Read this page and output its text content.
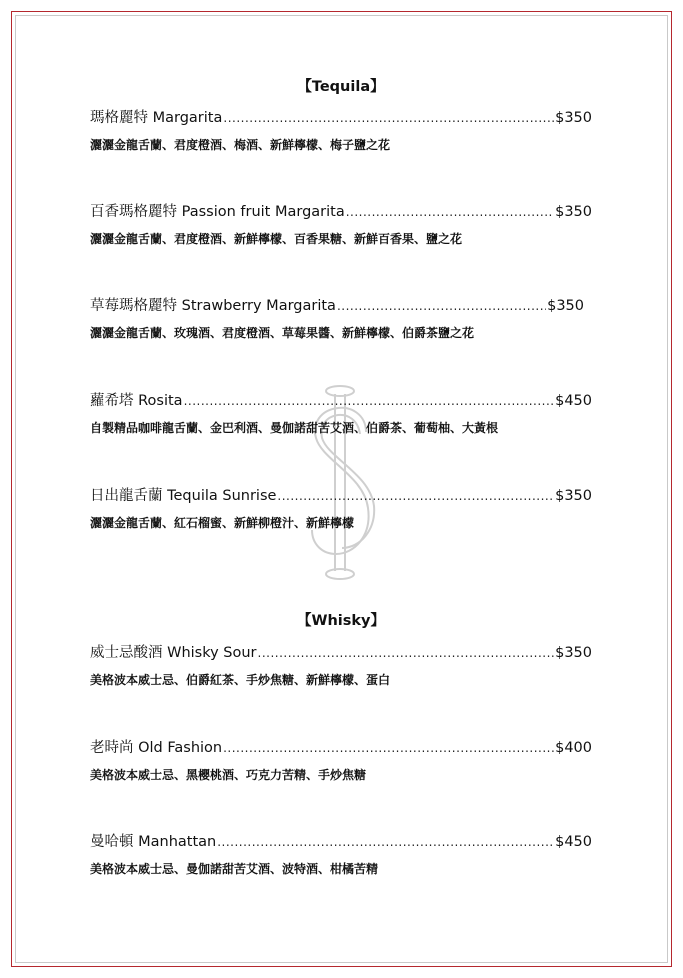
【Tequila】
瑪格麗特 Margarita .....	$350
灑灑金龍舌蘭、君度橙酒、梅酒、新鮮檸檬、梅子鹽之花
百香瑪格麗特 Passion fruit Margarita .....	$350
灑灑金龍舌蘭、君度橙酒、新鮮檸檬、百香果糖、新鮮百香果、鹽之花
草莓瑪格麗特 Strawberry Margarita .....	$350
灑灑金龍舌蘭、玫瑰酒、君度橙酒、草莓果醬、新鮮檸檬、伯爵茶鹽之花
蘿希塔 Rosita .....	$450
自製精品咖啡龍舌蘭、金巴利酒、曼伽諾甜苦艾酒、伯爵茶、葡萄柚、大黃根
日出龍舌蘭 Tequila Sunrise .....	$350
灑灑金龍舌蘭、紅石榴蜜、新鮮柳橙汁、新鮮檸檬
【Whisky】
威士忌酸酒 Whisky Sour .....	$350
美格波本威士忌、伯爵紅茶、手炒焦糖、新鮮檸檬、蛋白
老時尚 Old Fashion .....	$400
美格波本威士忌、黑櫻桃酒、巧克力苦精、手炒焦糖
曼哈頓 Manhattan .....	$450
美格波本威士忌、曼伽諾甜苦艾酒、波特酒、柑橘苦精
